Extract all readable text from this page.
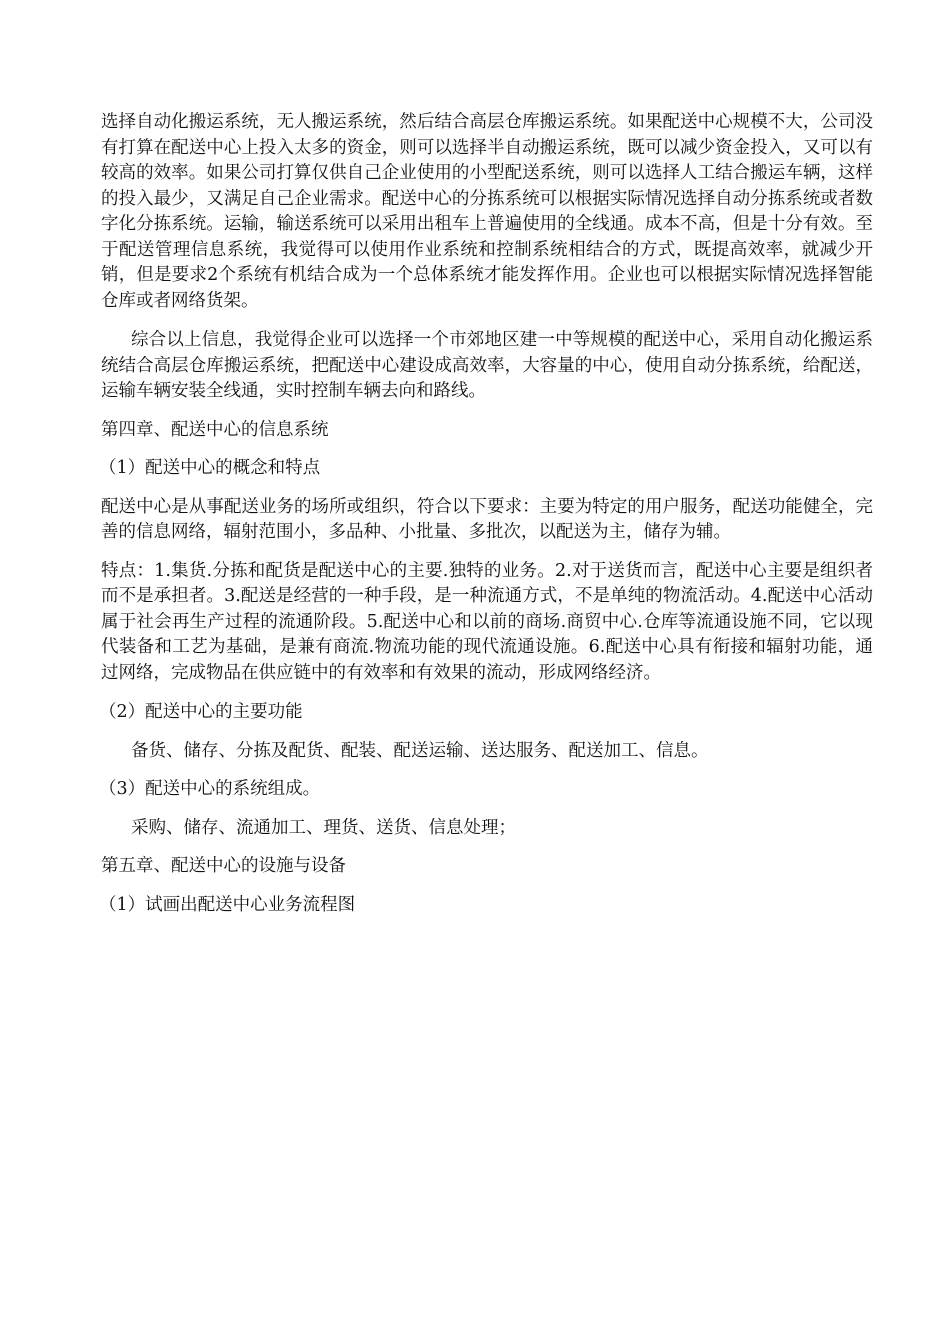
选择自动化搬运系统，无人搬运系统，然后结合高层仓库搬运系统。如果配送中心规模不大，公司没有打算在配送中心上投入太多的资金，则可以选择半自动搬运系统，既可以减少资金投入，又可以有较高的效率。如果公司打算仅供自己企业使用的小型配送系统，则可以选择人工结合搬运车辆，这样的投入最少，又满足自己企业需求。配送中心的分拣系统可以根据实际情况选择自动分拣系统或者数字化分拣系统。运输，输送系统可以采用出租车上普遍使用的全线通。成本不高，但是十分有效。至于配送管理信息系统，我觉得可以使用作业系统和控制系统相结合的方式，既提高效率，就减少开销，但是要求2个系统有机结合成为一个总体系统才能发挥作用。企业也可以根据实际情况选择智能仓库或者网络货架。

综合以上信息，我觉得企业可以选择一个市郊地区建一中等规模的配送中心，采用自动化搬运系统结合高层仓库搬运系统，把配送中心建设成高效率，大容量的中心，使用自动分拣系统，给配送，运输车辆安装全线通，实时控制车辆去向和路线。

第四章、配送中心的信息系统

（1）配送中心的概念和特点

配送中心是从事配送业务的场所或组织，符合以下要求：主要为特定的用户服务，配送功能健全，完善的信息网络，辐射范围小，多品种、小批量、多批次，以配送为主，储存为辅。

特点：1.集货.分拣和配货是配送中心的主要.独特的业务。2.对于送货而言，配送中心主要是组织者而不是承担者。3.配送是经营的一种手段，是一种流通方式，不是单纯的物流活动。4.配送中心活动属于社会再生产过程的流通阶段。5.配送中心和以前的商场.商贸中心.仓库等流通设施不同，它以现代装备和工艺为基础，是兼有商流.物流功能的现代流通设施。6.配送中心具有衔接和辐射功能，通过网络，完成物品在供应链中的有效率和有效果的流动，形成网络经济。

（2）配送中心的主要功能

备货、储存、分拣及配货、配装、配送运输、送达服务、配送加工、信息。

（3）配送中心的系统组成。

采购、储存、流通加工、理货、送货、信息处理；

第五章、配送中心的设施与设备

（1）试画出配送中心业务流程图
